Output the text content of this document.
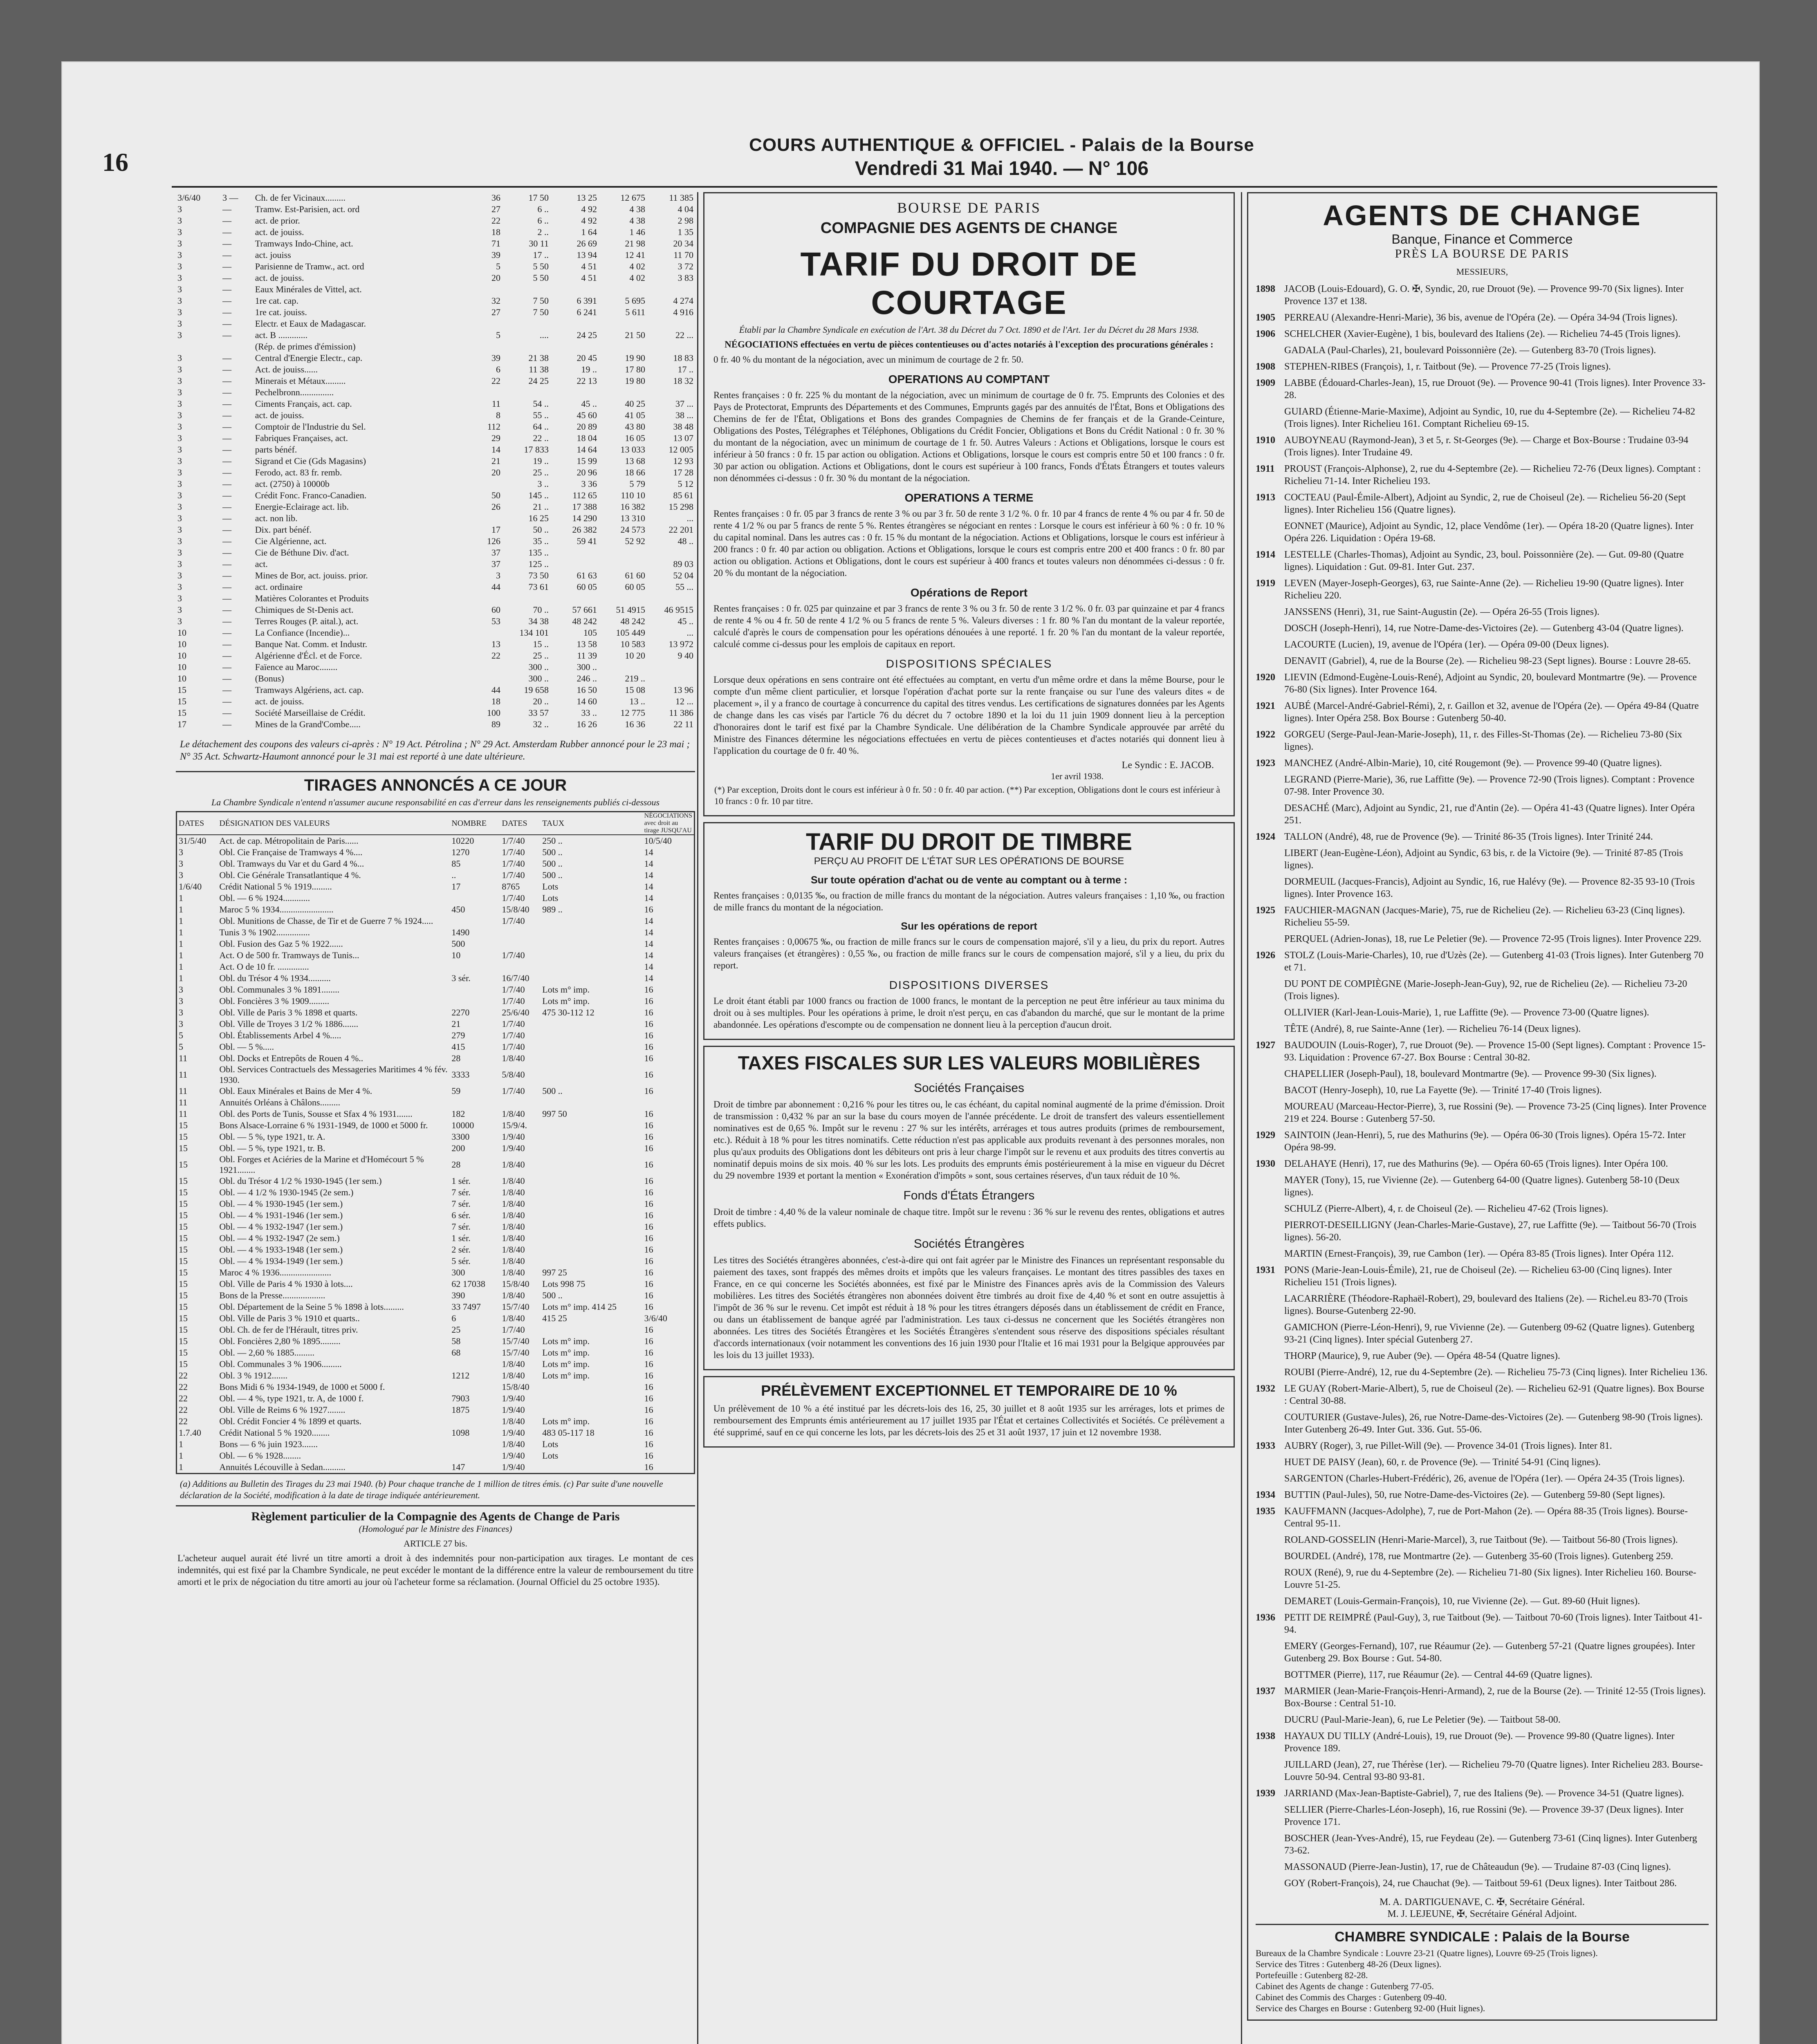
16
COURS AUTHENTIQUE & OFFICIEL - Palais de la Bourse
Vendredi 31 Mai 1940. — N° 106
3/6/40	3 —	Ch. de fer Vicinaux.........	36	17 50	13 25	12 675	11 385
3	—	Tramw. Est-Parisien, act. ord	27	6 ..	4 92	4 38	4 04
3	—	act. de prior.	22	6 ..	4 92	4 38	2 98
3	—	act. de jouiss.	18	2 ..	1 64	1 46	1 35
3	—	Tramways Indo-Chine, act.	71	30 11	26 69	21 98	20 34
3	—	act. jouiss	39	17 ..	13 94	12 41	11 70
3	—	Parisienne de Tramw., act. ord	5	5 50	4 51	4 02	3 72
3	—	act. de jouiss.	20	5 50	4 51	4 02	3 83
3	—	Eaux Minérales de Vittel, act.					
3	—	1re cat. cap.	32	7 50	6 391	5 695	4 274
3	—	1re cat. jouiss.	27	7 50	6 241	5 611	4 916
3	—	Electr. et Eaux de Madagascar.					
3	—	act. B .............	5	....	24 25	21 50	22 ...
		(Rép. de primes d'émission)					
3	—	Central d'Energie Electr., cap.	39	21 38	20 45	19 90	18 83
3	—	Act. de jouiss......	6	11 38	19 ..	17 80	17 ..
3	—	Minerais et Métaux.........	22	24 25	22 13	19 80	18 32
3	—	Pechelbronn...............					
3	—	Ciments Français, act. cap.	11	54 ..	45 ..	40 25	37 ...
3	—	act. de jouiss.	8	55 ..	45 60	41 05	38 ...
3	—	Comptoir de l'Industrie du Sel.	112	64 ..	20 89	43 80	38 48
3	—	Fabriques Françaises, act.	29	22 ..	18 04	16 05	13 07
3	—	parts bénéf.	14	17 833	14 64	13 033	12 005
3	—	Sigrand et Cie (Gds Magasins)	21	19 ..	15 99	13 68	12 93
3	—	Ferodo, act. 83 fr. remb.	20	25 ..	20 96	18 66	17 28
3	—	act. (2750) à 10000b		3 ..	3 36	5 79	5 12
3	—	Crédit Fonc. Franco-Canadien.	50	145 ..	112 65	110 10	85 61
3	—	Energie-Eclairage act. lib.	26	21 ..	17 388	16 382	15 298
3	—	act. non lib.		16 25	14 290	13 310	...
3	—	Dix. part bénéf.	17	50 ..	26 382	24 573	22 201
3	—	Cie Algérienne, act.	126	35 ..	59 41	52 92	48 ..
3	—	Cie de Béthune Div. d'act.	37	135 ..			
3	—	act.	37	125 ..			89 03
3	—	Mines de Bor, act. jouiss. prior.	3	73 50	61 63	61 60	52 04
3	—	act. ordinaire	44	73 61	60 05	60 05	55 ...
3	—	Matières Colorantes et Produits					
3	—	Chimiques de St-Denis act.	60	70 ..	57 661	51 4915	46 9515
3	—	Terres Rouges (P. aital.), act.	53	34 38	48 242	48 242	45 ..
10	—	La Confiance (Incendie)...		134 101	105	105 449	...
10	—	Banque Nat. Comm. et Industr.	13	15 ..	13 58	10 583	13 972
10	—	Algérienne d'Écl. et de Force.	22	25 ..	11 39	10 20	9 40
10	—	Faïence au Maroc........		300 ..	300 ..		
10	—	(Bonus)		300 ..	246 ..	219 ..	
15	—	Tramways Algériens, act. cap.	44	19 658	16 50	15 08	13 96
15	—	act. de jouiss.	18	20 ..	14 60	13 ..	12 ...
15	—	Société Marseillaise de Crédit.	100	33 57	33 ..	12 775	11 386
17	—	Mines de la Grand'Combe.....	89	32 ..	16 26	16 36	22 11
Le détachement des coupons des valeurs ci-après : N° 19 Act. Pétrolina ; N° 29 Act. Amsterdam Rubber annoncé pour le 23 mai ; N° 35 Act. Schwartz-Haumont annoncé pour le 31 mai est reporté à une date ultérieure.
TIRAGES ANNONCÉS A CE JOUR
La Chambre Syndicale n'entend n'assumer aucune responsabilité en cas d'erreur dans les renseignements publiés ci-dessous
DATES	DÉSIGNATION DES VALEURS	NOMBRE	DATES	TAUX	NÉGOCIATIONS avec droit au tirage JUSQU'AU
31/5/40	Act. de cap. Métropolitain de Paris......	10220	1/7/40	250 ..	10/5/40
3	Obl. Cie Française de Tramways 4 %....	1270	1/7/40	500 ..	14
3	Obl. Tramways du Var et du Gard 4 %...	85	1/7/40	500 ..	14
3	Obl. Cie Générale Transatlantique 4 %.	..	1/7/40	500 ..	14
1/6/40	Crédit National 5 % 1919.........	17	8765	Lots	14
1	Obl. — 6 % 1924............		1/7/40	Lots	14
1	Maroc 5 % 1934........................	450	15/8/40	989 ..	16
1	Obl. Munitions de Chasse, de Tir et de Guerre 7 % 1924.....		1/7/40		14
1	Tunis 3 % 1902...............	1490			14
1	Obl. Fusion des Gaz 5 % 1922......	500			14
1	Act. O de 500 fr. Tramways de Tunis...	10	1/7/40		14
1	Act. O de 10 fr. ..............				14
1	Obl. du Trésor 4 % 1934..........	3 sér.	16/7/40		14
3	Obl. Communales 3 % 1891........		1/7/40	Lots m° imp.	16
3	Obl. Foncières 3 % 1909.........		1/7/40	Lots m° imp.	16
3	Obl. Ville de Paris 3 % 1898 et quarts.	2270	25/6/40	475 30-112 12	16
3	Obl. Ville de Troyes 3 1/2 % 1886.......	21	1/7/40		16
5	Obl. Établissements Arbel 4 %.....	279	1/7/40		16
5	Obl. — 5 %.....	415	1/7/40		16
11	Obl. Docks et Entrepôts de Rouen 4 %..	28	1/8/40		16
11	Obl. Services Contractuels des Messageries Maritimes 4 % fév. 1930.	3333	5/8/40		16
11	Obl. Eaux Minérales et Bains de Mer 4 %.	59	1/7/40	500 ..	16
11	Annuités Orléans à Châlons.........				
11	Obl. des Ports de Tunis, Sousse et Sfax 4 % 1931.......	182	1/8/40	997 50	16
15	Bons Alsace-Lorraine 6 % 1931-1949, de 1000 et 5000 fr.	10000	15/9/4.		16
15	Obl. — 5 %, type 1921, tr. A.	3300	1/9/40		16
15	Obl. — 5 %, type 1921, tr. B.	200	1/9/40		16
15	Obl. Forges et Aciéries de la Marine et d'Homécourt 5 % 1921........	28	1/8/40		16
15	Obl. du Trésor 4 1/2 % 1930-1945 (1er sem.)	1 sér.	1/8/40		16
15	Obl. — 4 1/2 % 1930-1945 (2e sem.)	7 sér.	1/8/40		16
15	Obl. — 4 % 1930-1945 (1er sem.)	7 sér.	1/8/40		16
15	Obl. — 4 % 1931-1946 (1er sem.)	6 sér.	1/8/40		16
15	Obl. — 4 % 1932-1947 (1er sem.)	7 sér.	1/8/40		16
15	Obl. — 4 % 1932-1947 (2e sem.)	1 sér.	1/8/40		16
15	Obl. — 4 % 1933-1948 (1er sem.)	2 sér.	1/8/40		16
15	Obl. — 4 % 1934-1949 (1er sem.)	5 sér.	1/8/40		16
15	Maroc 4 % 1936.......................	300	1/8/40	997 25	16
15	Obl. Ville de Paris 4 % 1930 à lots....	62 17038	15/8/40	Lots 998 75	16
15	Bons de la Presse...................	390	1/8/40	500 ..	16
15	Obl. Département de la Seine 5 % 1898 à lots.........	33 7497	15/7/40	Lots m° imp. 414 25	16
15	Obl. Ville de Paris 3 % 1910 et quarts..	6	1/8/40	415 25	3/6/40
15	Obl. Ch. de fer de l'Hérault, titres priv.	25	1/7/40		16
15	Obl. Foncières 2,80 % 1895.........	58	15/7/40	Lots m° imp.	16
15	Obl. — 2,60 % 1885.........	68	15/7/40	Lots m° imp.	16
15	Obl. Communales 3 % 1906.........		1/8/40	Lots m° imp.	16
22	Obl. 3 % 1912.......	1212	1/8/40	Lots m° imp.	16
22	Bons Midi 6 % 1934-1949, de 1000 et 5000 f.		15/8/40		16
22	Obl. — 4 %, type 1921, tr. A, de 1000 f.	7903	1/9/40		16
22	Obl. Ville de Reims 6 % 1927........	1875	1/9/40		16
22	Obl. Crédit Foncier 4 % 1899 et quarts.		1/8/40	Lots m° imp.	16
1.7.40	Crédit National 5 % 1920........	1098	1/9/40	483 05-117 18	16
1	Bons — 6 % juin 1923.......		1/8/40	Lots	16
1	Obl. — 6 % 1928........		1/9/40	Lots	16
1	Annuités Lécouville à Sedan..........	147	1/9/40		16
(a) Additions au Bulletin des Tirages du 23 mai 1940. (b) Pour chaque tranche de 1 million de titres émis. (c) Par suite d'une nouvelle déclaration de la Société, modification à la date de tirage indiquée antérieurement.
Règlement particulier de la Compagnie des Agents de Change de Paris
(Homologué par le Ministre des Finances)
ARTICLE 27 bis.
L'acheteur auquel aurait été livré un titre amorti a droit à des indemnités pour non-participation aux tirages. Le montant de ces indemnités, qui est fixé par la Chambre Syndicale, ne peut excéder le montant de la différence entre la valeur de remboursement du titre amorti et le prix de négociation du titre amorti au jour où l'acheteur forme sa réclamation. (Journal Officiel du 25 octobre 1935).
BOURSE DE PARIS
COMPAGNIE DES AGENTS DE CHANGE
TARIF DU DROIT DE COURTAGE
Établi par la Chambre Syndicale en exécution de l'Art. 38 du Décret du 7 Oct. 1890 et de l'Art. 1er du Décret du 28 Mars 1938.
NÉGOCIATIONS effectuées en vertu de pièces contentieuses ou d'actes notariés à l'exception des procurations générales :
0 fr. 40 % du montant de la négociation, avec un minimum de courtage de 2 fr. 50.
OPERATIONS AU COMPTANT
Rentes françaises : 0 fr. 225 % du montant de la négociation, avec un minimum de courtage de 0 fr. 75. Emprunts des Colonies et des Pays de Protectorat, Emprunts des Départements et des Communes, Emprunts gagés par des annuités de l'État, Bons et Obligations des Chemins de fer de l'État, Obligations et Bons des grandes Compagnies de Chemins de fer français et de la Grande-Ceinture, Obligations des Postes, Télégraphes et Téléphones, Obligations du Crédit Foncier, Obligations et Bons du Crédit National : 0 fr. 30 % du montant de la négociation, avec un minimum de courtage de 1 fr. 50. Autres Valeurs : Actions et Obligations, lorsque le cours est inférieur à 50 francs : 0 fr. 15 par action ou obligation. Actions et Obligations, lorsque le cours est compris entre 50 et 100 francs : 0 fr. 30 par action ou obligation. Actions et Obligations, dont le cours est supérieur à 100 francs, Fonds d'États Étrangers et toutes valeurs non dénommées ci-dessus : 0 fr. 30 % du montant de la négociation.
OPERATIONS A TERME
Rentes françaises : 0 fr. 05 par 3 francs de rente 3 % ou par 3 fr. 50 de rente 3 1/2 %. 0 fr. 10 par 4 francs de rente 4 % ou par 4 fr. 50 de rente 4 1/2 % ou par 5 francs de rente 5 %. Rentes étrangères se négociant en rentes : Lorsque le cours est inférieur à 60 % : 0 fr. 10 % du capital nominal. Dans les autres cas : 0 fr. 15 % du montant de la négociation. Actions et Obligations, lorsque le cours est inférieur à 200 francs : 0 fr. 40 par action ou obligation. Actions et Obligations, lorsque le cours est compris entre 200 et 400 francs : 0 fr. 80 par action ou obligation. Actions et Obligations, dont le cours est supérieur à 400 francs et toutes valeurs non dénommées ci-dessus : 0 fr. 20 % du montant de la négociation.
Opérations de Report
Rentes françaises : 0 fr. 025 par quinzaine et par 3 francs de rente 3 % ou 3 fr. 50 de rente 3 1/2 %. 0 fr. 03 par quinzaine et par 4 francs de rente 4 % ou 4 fr. 50 de rente 4 1/2 % ou 5 francs de rente 5 %. Valeurs diverses : 1 fr. 80 % l'an du montant de la valeur reportée, calculé d'après le cours de compensation pour les opérations dénouées à une reporté. 1 fr. 20 % l'an du montant de la valeur reportée, calculé comme ci-dessus pour les emplois de capitaux en report.
DISPOSITIONS SPÉCIALES
Lorsque deux opérations en sens contraire ont été effectuées au comptant, en vertu d'un même ordre et dans la même Bourse, pour le compte d'un même client particulier, et lorsque l'opération d'achat porte sur la rente française ou sur l'une des valeurs dites « de placement », il y a franco de courtage à concurrence du capital des titres vendus. Les certifications de signatures données par les Agents de change dans les cas visés par l'article 76 du décret du 7 octobre 1890 et la loi du 11 juin 1909 donnent lieu à la perception d'honoraires dont le tarif est fixé par la Chambre Syndicale. Une délibération de la Chambre Syndicale approuvée par arrêté du Ministre des Finances détermine les négociations effectuées en vertu de pièces contentieuses et d'actes notariés qui donnent lieu à l'application du courtage de 0 fr. 40 %.
Le Syndic : E. JACOB.
1er avril 1938.
(*) Par exception, Droits dont le cours est inférieur à 0 fr. 50 : 0 fr. 40 par action. (**) Par exception, Obligations dont le cours est inférieur à 10 francs : 0 fr. 10 par titre.
TARIF DU DROIT DE TIMBRE
PERÇU AU PROFIT DE L'ÉTAT SUR LES OPÉRATIONS DE BOURSE
Sur toute opération d'achat ou de vente au comptant ou à terme :
Rentes françaises : 0,0135 ‰, ou fraction de mille francs du montant de la négociation. Autres valeurs françaises : 1,10 ‰, ou fraction de mille francs du montant de la négociation.
Sur les opérations de report
Rentes françaises : 0,00675 ‰, ou fraction de mille francs sur le cours de compensation majoré, s'il y a lieu, du prix du report. Autres valeurs françaises (et étrangères) : 0,55 ‰, ou fraction de mille francs sur le cours de compensation majoré, s'il y a lieu, du prix du report.
DISPOSITIONS DIVERSES
Le droit étant établi par 1000 francs ou fraction de 1000 francs, le montant de la perception ne peut être inférieur au taux minima du droit ou à ses multiples. Pour les opérations à prime, le droit n'est perçu, en cas d'abandon du marché, que sur le montant de la prime abandonnée. Les opérations d'escompte ou de compensation ne donnent lieu à la perception d'aucun droit.
TAXES FISCALES SUR LES VALEURS MOBILIÈRES
Sociétés Françaises
Droit de timbre par abonnement : 0,216 % pour les titres ou, le cas échéant, du capital nominal augmenté de la prime d'émission. Droit de transmission : 0,432 % par an sur la base du cours moyen de l'année précédente. Le droit de transfert des valeurs essentiellement nominatives est de 0,65 %. Impôt sur le revenu : 27 % sur les intérêts, arrérages et tous autres produits (primes de remboursement, etc.). Réduit à 18 % pour les titres nominatifs. Cette réduction n'est pas applicable aux produits revenant à des personnes morales, non plus qu'aux produits des Obligations dont les débiteurs ont pris à leur charge l'impôt sur le revenu et aux produits des titres convertis au nominatif depuis moins de six mois. 40 % sur les lots. Les produits des emprunts émis postérieurement à la mise en vigueur du Décret du 29 novembre 1939 et portant la mention « Exonération d'impôts » sont, sous certaines réserves, d'un taux réduit de 10 %.
Fonds d'États Étrangers
Droit de timbre : 4,40 % de la valeur nominale de chaque titre. Impôt sur le revenu : 36 % sur le revenu des rentes, obligations et autres effets publics.
Sociétés Étrangères
Les titres des Sociétés étrangères abonnées, c'est-à-dire qui ont fait agréer par le Ministre des Finances un représentant responsable du paiement des taxes, sont frappés des mêmes droits et impôts que les valeurs françaises. Le montant des titres passibles des taxes en France, en ce qui concerne les Sociétés abonnées, est fixé par le Ministre des Finances après avis de la Commission des Valeurs mobilières. Les titres des Sociétés étrangères non abonnées doivent être timbrés au droit fixe de 4,40 % et sont en outre assujettis à l'impôt de 36 % sur le revenu. Cet impôt est réduit à 18 % pour les titres étrangers déposés dans un établissement de crédit en France, ou dans un établissement de banque agréé par l'administration. Les taux ci-dessus ne concernent que les Sociétés étrangères non abonnées. Les titres des Sociétés Étrangères et les Sociétés Étrangères s'entendent sous réserve des dispositions spéciales résultant d'accords internationaux (voir notamment les conventions des 16 juin 1930 pour l'Italie et 16 mai 1931 pour la Belgique approuvées par les lois du 13 juillet 1933).
PRÉLÈVEMENT EXCEPTIONNEL ET TEMPORAIRE DE 10 %
Un prélèvement de 10 % a été institué par les décrets-lois des 16, 25, 30 juillet et 8 août 1935 sur les arrérages, lots et primes de remboursement des Emprunts émis antérieurement au 17 juillet 1935 par l'État et certaines Collectivités et Sociétés. Ce prélèvement a été supprimé, sauf en ce qui concerne les lots, par les décrets-lois des 25 et 31 août 1937, 17 juin et 12 novembre 1938.
AGENTS DE CHANGE
Banque, Finance et Commerce
PRÈS LA BOURSE DE PARIS
MESSIEURS,
1898 JACOB (Louis-Edouard), G. O. ✠, Syndic, 20, rue Drouot (9e). — Provence 99-70 (Six lignes). Inter Provence 137 et 138.
1905 PERREAU (Alexandre-Henri-Marie), 36 bis, avenue de l'Opéra (2e). — Opéra 34-94 (Trois lignes).
1906 SCHELCHER (Xavier-Eugène), 1 bis, boulevard des Italiens (2e). — Richelieu 74-45 (Trois lignes).
GADALA (Paul-Charles), 21, boulevard Poissonnière (2e). — Gutenberg 83-70 (Trois lignes).
1908 STEPHEN-RIBES (François), 1, r. Taitbout (9e). — Provence 77-25 (Trois lignes).
1909 LABBE (Édouard-Charles-Jean), 15, rue Drouot (9e). — Provence 90-41 (Trois lignes). Inter Provence 33-28.
GUIARD (Étienne-Marie-Maxime), Adjoint au Syndic, 10, rue du 4-Septembre (2e). — Richelieu 74-82 (Trois lignes). Inter Richelieu 161. Comptant Richelieu 69-15.
1910 AUBOYNEAU (Raymond-Jean), 3 et 5, r. St-Georges (9e). — Charge et Box-Bourse : Trudaine 03-94 (Trois lignes). Inter Trudaine 49.
1911 PROUST (François-Alphonse), 2, rue du 4-Septembre (2e). — Richelieu 72-76 (Deux lignes). Comptant : Richelieu 71-14. Inter Richelieu 193.
1913 COCTEAU (Paul-Émile-Albert), Adjoint au Syndic, 2, rue de Choiseul (2e). — Richelieu 56-20 (Sept lignes). Inter Richelieu 156 (Quatre lignes).
EONNET (Maurice), Adjoint au Syndic, 12, place Vendôme (1er). — Opéra 18-20 (Quatre lignes). Inter Opéra 226. Liquidation : Opéra 19-68.
1914 LESTELLE (Charles-Thomas), Adjoint au Syndic, 23, boul. Poissonnière (2e). — Gut. 09-80 (Quatre lignes). Liquidation : Gut. 09-81. Inter Gut. 237.
1919 LEVEN (Mayer-Joseph-Georges), 63, rue Sainte-Anne (2e). — Richelieu 19-90 (Quatre lignes). Inter Richelieu 220.
JANSSENS (Henri), 31, rue Saint-Augustin (2e). — Opéra 26-55 (Trois lignes).
DOSCH (Joseph-Henri), 14, rue Notre-Dame-des-Victoires (2e). — Gutenberg 43-04 (Quatre lignes).
LACOURTE (Lucien), 19, avenue de l'Opéra (1er). — Opéra 09-00 (Deux lignes).
DENAVIT (Gabriel), 4, rue de la Bourse (2e). — Richelieu 98-23 (Sept lignes). Bourse : Louvre 28-65.
1920 LIEVIN (Edmond-Eugène-Louis-René), Adjoint au Syndic, 20, boulevard Montmartre (9e). — Provence 76-80 (Six lignes). Inter Provence 164.
1921 AUBÉ (Marcel-André-Gabriel-Rémi), 2, r. Gaillon et 32, avenue de l'Opéra (2e). — Opéra 49-84 (Quatre lignes). Inter Opéra 258. Box Bourse : Gutenberg 50-40.
1922 GORGEU (Serge-Paul-Jean-Marie-Joseph), 11, r. des Filles-St-Thomas (2e). — Richelieu 73-80 (Six lignes).
1923 MANCHEZ (André-Albin-Marie), 10, cité Rougemont (9e). — Provence 99-40 (Quatre lignes).
LEGRAND (Pierre-Marie), 36, rue Laffitte (9e). — Provence 72-90 (Trois lignes). Comptant : Provence 07-98. Inter Provence 30.
DESACHÉ (Marc), Adjoint au Syndic, 21, rue d'Antin (2e). — Opéra 41-43 (Quatre lignes). Inter Opéra 251.
1924 TALLON (André), 48, rue de Provence (9e). — Trinité 86-35 (Trois lignes). Inter Trinité 244.
LIBERT (Jean-Eugène-Léon), Adjoint au Syndic, 63 bis, r. de la Victoire (9e). — Trinité 87-85 (Trois lignes).
DORMEUIL (Jacques-Francis), Adjoint au Syndic, 16, rue Halévy (9e). — Provence 82-35 93-10 (Trois lignes). Inter Provence 163.
1925 FAUCHIER-MAGNAN (Jacques-Marie), 75, rue de Richelieu (2e). — Richelieu 63-23 (Cinq lignes). Richelieu 55-59.
PERQUEL (Adrien-Jonas), 18, rue Le Peletier (9e). — Provence 72-95 (Trois lignes). Inter Provence 229.
1926 STOLZ (Louis-Marie-Charles), 10, rue d'Uzès (2e). — Gutenberg 41-03 (Trois lignes). Inter Gutenberg 70 et 71.
DU PONT DE COMPIÈGNE (Marie-Joseph-Jean-Guy), 92, rue de Richelieu (2e). — Richelieu 73-20 (Trois lignes).
OLLIVIER (Karl-Jean-Louis-Marie), 1, rue Laffitte (9e). — Provence 73-00 (Quatre lignes).
TÊTE (André), 8, rue Sainte-Anne (1er). — Richelieu 76-14 (Deux lignes).
1927 BAUDOUIN (Louis-Roger), 7, rue Drouot (9e). — Provence 15-00 (Sept lignes). Comptant : Provence 15-93. Liquidation : Provence 67-27. Box Bourse : Central 30-82.
CHAPELLIER (Joseph-Paul), 18, boulevard Montmartre (9e). — Provence 99-30 (Six lignes).
BACOT (Henry-Joseph), 10, rue La Fayette (9e). — Trinité 17-40 (Trois lignes).
MOUREAU (Marceau-Hector-Pierre), 3, rue Rossini (9e). — Provence 73-25 (Cinq lignes). Inter Provence 219 et 224. Bourse : Gutenberg 57-50.
1929 SAINTOIN (Jean-Henri), 5, rue des Mathurins (9e). — Opéra 06-30 (Trois lignes). Opéra 15-72. Inter Opéra 98-99.
1930 DELAHAYE (Henri), 17, rue des Mathurins (9e). — Opéra 60-65 (Trois lignes). Inter Opéra 100.
MAYER (Tony), 15, rue Vivienne (2e). — Gutenberg 64-00 (Quatre lignes). Gutenberg 58-10 (Deux lignes).
SCHULZ (Pierre-Albert), 4, r. de Choiseul (2e). — Richelieu 47-62 (Trois lignes).
PIERROT-DESEILLIGNY (Jean-Charles-Marie-Gustave), 27, rue Laffitte (9e). — Taitbout 56-70 (Trois lignes). 56-20.
MARTIN (Ernest-François), 39, rue Cambon (1er). — Opéra 83-85 (Trois lignes). Inter Opéra 112.
1931 PONS (Marie-Jean-Louis-Émile), 21, rue de Choiseul (2e). — Richelieu 63-00 (Cinq lignes). Inter Richelieu 151 (Trois lignes).
LACARRIÈRE (Théodore-Raphaël-Robert), 29, boulevard des Italiens (2e). — Richel.eu 83-70 (Trois lignes). Bourse-Gutenberg 22-90.
GAMICHON (Pierre-Léon-Henri), 9, rue Vivienne (2e). — Gutenberg 09-62 (Quatre lignes). Gutenberg 93-21 (Cinq lignes). Inter spécial Gutenberg 27.
THORP (Maurice), 9, rue Auber (9e). — Opéra 48-54 (Quatre lignes).
ROUBI (Pierre-André), 12, rue du 4-Septembre (2e). — Richelieu 75-73 (Cinq lignes). Inter Richelieu 136.
1932 LE GUAY (Robert-Marie-Albert), 5, rue de Choiseul (2e). — Richelieu 62-91 (Quatre lignes). Box Bourse : Central 30-88.
COUTURIER (Gustave-Jules), 26, rue Notre-Dame-des-Victoires (2e). — Gutenberg 98-90 (Trois lignes). Inter Gutenberg 26-49. Inter Gut. 336. Gut. 55-06.
1933 AUBRY (Roger), 3, rue Pillet-Will (9e). — Provence 34-01 (Trois lignes). Inter 81.
HUET DE PAISY (Jean), 60, r. de Provence (9e). — Trinité 54-91 (Cinq lignes).
SARGENTON (Charles-Hubert-Frédéric), 26, avenue de l'Opéra (1er). — Opéra 24-35 (Trois lignes).
1934 BUTTIN (Paul-Jules), 50, rue Notre-Dame-des-Victoires (2e). — Gutenberg 59-80 (Sept lignes).
1935 KAUFFMANN (Jacques-Adolphe), 7, rue de Port-Mahon (2e). — Opéra 88-35 (Trois lignes). Bourse-Central 95-11.
ROLAND-GOSSELIN (Henri-Marie-Marcel), 3, rue Taitbout (9e). — Taitbout 56-80 (Trois lignes).
BOURDEL (André), 178, rue Montmartre (2e). — Gutenberg 35-60 (Trois lignes). Gutenberg 259.
ROUX (René), 9, rue du 4-Septembre (2e). — Richelieu 71-80 (Six lignes). Inter Richelieu 160. Bourse-Louvre 51-25.
DEMARET (Louis-Germain-François), 10, rue Vivienne (2e). — Gut. 89-60 (Huit lignes).
1936 PETIT DE REIMPRÉ (Paul-Guy), 3, rue Taitbout (9e). — Taitbout 70-60 (Trois lignes). Inter Taitbout 41-94.
EMERY (Georges-Fernand), 107, rue Réaumur (2e). — Gutenberg 57-21 (Quatre lignes groupées). Inter Gutenberg 29. Box Bourse : Gut. 54-80.
BOTTMER (Pierre), 117, rue Réaumur (2e). — Central 44-69 (Quatre lignes).
1937 MARMIER (Jean-Marie-François-Henri-Armand), 2, rue de la Bourse (2e). — Trinité 12-55 (Trois lignes). Box-Bourse : Central 51-10.
DUCRU (Paul-Marie-Jean), 6, rue Le Peletier (9e). — Taitbout 58-00.
1938 HAYAUX DU TILLY (André-Louis), 19, rue Drouot (9e). — Provence 99-80 (Quatre lignes). Inter Provence 189.
JUILLARD (Jean), 27, rue Thérèse (1er). — Richelieu 79-70 (Quatre lignes). Inter Richelieu 283. Bourse-Louvre 50-94. Central 93-80 93-81.
1939 JARRIAND (Max-Jean-Baptiste-Gabriel), 7, rue des Italiens (9e). — Provence 34-51 (Quatre lignes).
SELLIER (Pierre-Charles-Léon-Joseph), 16, rue Rossini (9e). — Provence 39-37 (Deux lignes). Inter Provence 171.
BOSCHER (Jean-Yves-André), 15, rue Feydeau (2e). — Gutenberg 73-61 (Cinq lignes). Inter Gutenberg 73-62.
MASSONAUD (Pierre-Jean-Justin), 17, rue de Châteaudun (9e). — Trudaine 87-03 (Cinq lignes).
GOY (Robert-François), 24, rue Chauchat (9e). — Taitbout 59-61 (Deux lignes). Inter Taitbout 286.
M. A. DARTIGUENAVE, C. ✠, Secrétaire Général.
M. J. LEJEUNE, ✠, Secrétaire Général Adjoint.
CHAMBRE SYNDICALE : Palais de la Bourse
Bureaux de la Chambre Syndicale : Louvre 23-21 (Quatre lignes), Louvre 69-25 (Trois lignes).
Service des Titres : Gutenberg 48-26 (Deux lignes).
Portefeuille : Gutenberg 82-28.
Cabinet des Agents de change : Gutenberg 77-05.
Cabinet des Commis des Charges : Gutenberg 09-40.
Service des Charges en Bourse : Gutenberg 92-00 (Huit lignes).
